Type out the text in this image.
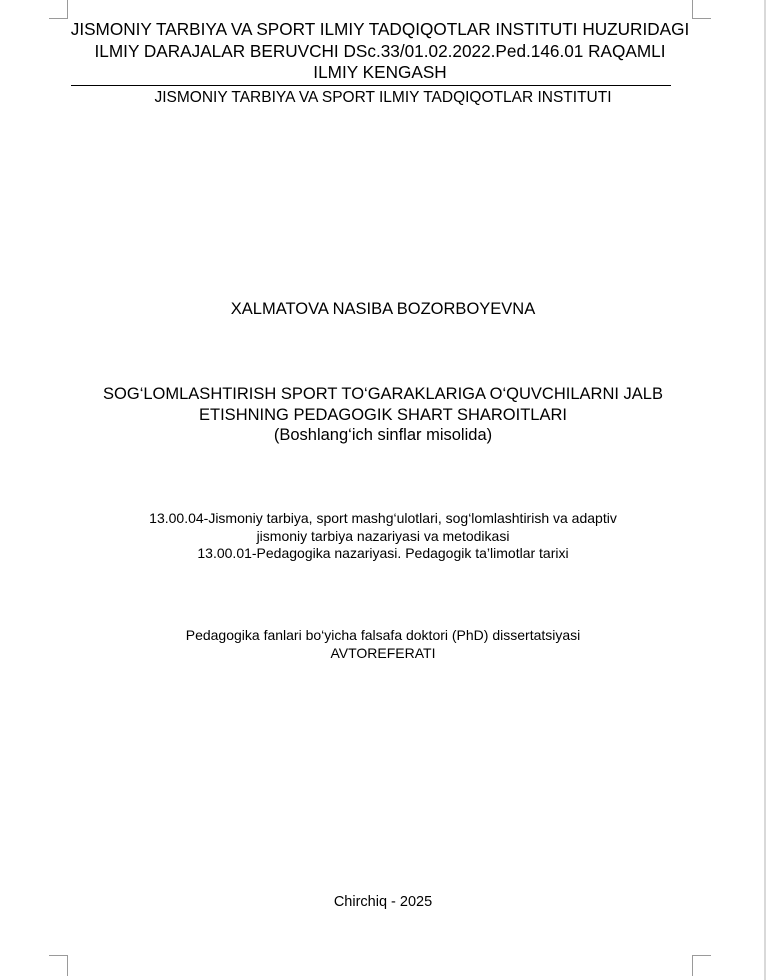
JISMONIY TARBIYA VA SPORT ILMIY TADQIQOTLAR INSTITUTI HUZURIDAGI
ILMIY DARAJALAR BERUVCHI DSc.33/01.02.2022.Ped.146.01 RAQAMLI
ILMIY KENGASH
JISMONIY TARBIYA VA SPORT ILMIY TADQIQOTLAR INSTITUTI
XALMATOVA NASIBA BOZORBOYEVNA
SOG‘LOMLASHTIRISH SPORT TO‘GARAKLARIGA O‘QUVCHILARNI JALB
ETISHNING PEDAGOGIK SHART SHAROITLARI
(Boshlang‘ich sinflar misolida)
13.00.04-Jismoniy tarbiya, sport mashg‘ulotlari, sog‘lomlashtirish va adaptiv
jismoniy tarbiya nazariyasi va metodikasi
13.00.01-Pedagogika nazariyasi. Pedagogik ta’limotlar tarixi
Pedagogika fanlari bo‘yicha falsafa doktori (PhD) dissertatsiyasi
AVTOREFERATI
Chirchiq - 2025
